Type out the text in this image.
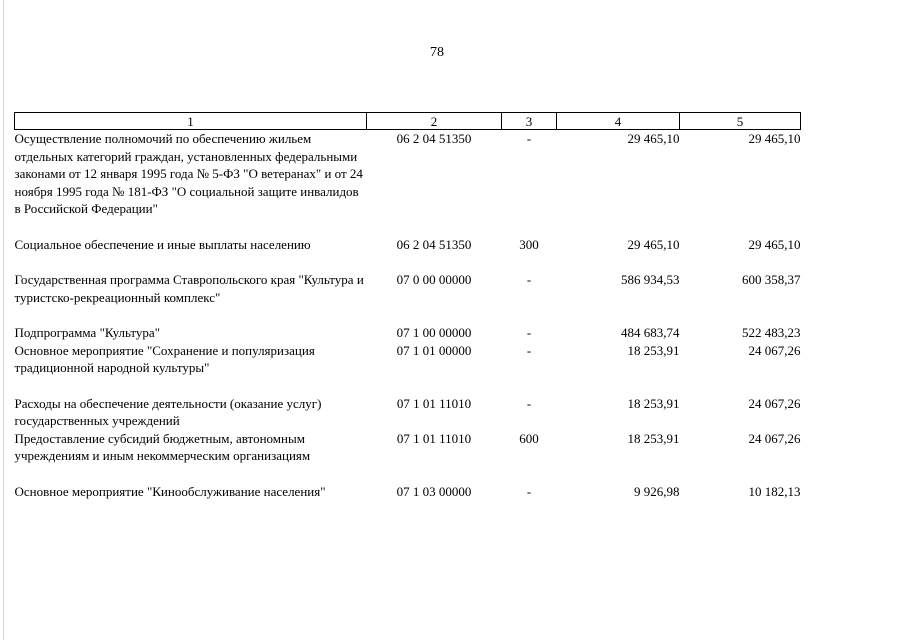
78
1	2	3	4	5
Осуществление полномочий по обеспечению жильем отдельных категорий граждан, установленных федеральными законами от 12 января 1995 года № 5-ФЗ "О ветеранах" и от 24 ноября 1995 года № 181-ФЗ "О социальной защите инвалидов в Российской Федерации"	06 2 04 51350	-	29 465,10	29 465,10

Социальное обеспечение и иные выплаты населению	06 2 04 51350	300	29 465,10	29 465,10

Государственная программа Ставропольского края "Культура и туристско-рекреационный комплекс"	07 0 00 00000	-	586 934,53	600 358,37

Подпрограмма "Культура"	07 1 00 00000	-	484 683,74	522 483,23
Основное мероприятие "Сохранение и популяризация традиционной народной культуры"	07 1 01 00000	-	18 253,91	24 067,26

Расходы на обеспечение деятельности (оказание услуг) государственных учреждений	07 1 01 11010	-	18 253,91	24 067,26
Предоставление субсидий бюджетным, автономным учреждениям и иным некоммерческим организациям	07 1 01 11010	600	18 253,91	24 067,26

Основное мероприятие "Кинообслуживание населения"	07 1 03 00000	-	9 926,98	10 182,13
